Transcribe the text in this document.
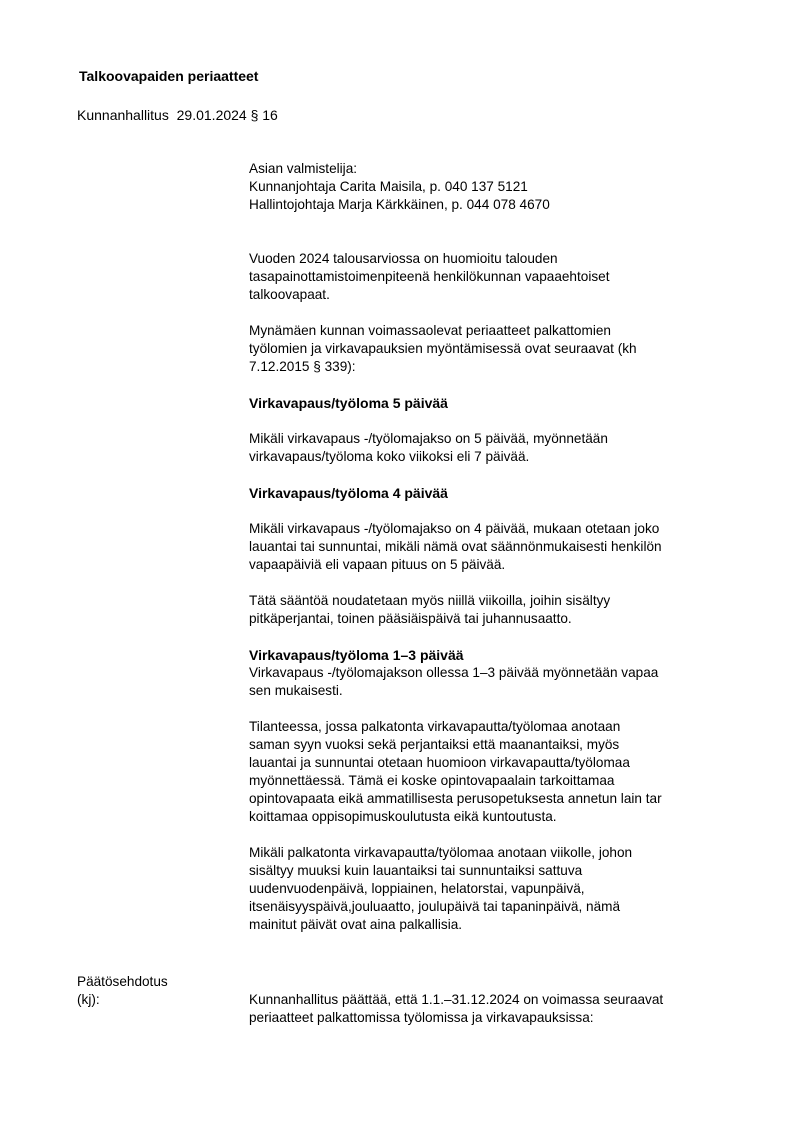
Talkoovapaiden periaatteet
Kunnanhallitus 29.01.2024 § 16
Asian valmistelija:
Kunnanjohtaja Carita Maisila, p. 040 137 5121
Hallintojohtaja Marja Kärkkäinen, p. 044 078 4670
Vuoden 2024 talousarviossa on huomioitu talouden
tasapainottamistoimenpiteenä henkilökunnan vapaaehtoiset
talkoovapaat.
Mynämäen kunnan voimassaolevat periaatteet palkattomien
työlomien ja virkavapauksien myöntämisessä ovat seuraavat (kh
7.12.2015 § 339):
Virkavapaus/työloma 5 päivää
Mikäli virkavapaus -/työlomajakso on 5 päivää, myönnetään
virkavapaus/työloma koko viikoksi eli 7 päivää.
Virkavapaus/työloma 4 päivää
Mikäli virkavapaus -/työlomajakso on 4 päivää, mukaan otetaan joko
lauantai tai sunnuntai, mikäli nämä ovat säännönmukaisesti henkilön
vapaapäiviä eli vapaan pituus on 5 päivää.
Tätä sääntöä noudatetaan myös niillä viikoilla, joihin sisältyy
pitkäperjantai, toinen pääsiäispäivä tai juhannusaatto.
Virkavapaus/työloma 1–3 päivää
Virkavapaus -/työlomajakson ollessa 1–3 päivää myönnetään vapaa
sen mukaisesti.
Tilanteessa, jossa palkatonta virkavapautta/työlomaa anotaan
saman syyn vuoksi sekä perjantaiksi että maanantaiksi, myös
lauantai ja sunnuntai otetaan huomioon virkavapautta/työlomaa
myönnettäessä. Tämä ei koske opintovapaalain tarkoittamaa
opintovapaata eikä ammatillisesta perusopetuksesta annetun lain tar
koittamaa oppisopimuskoulutusta eikä kuntoutusta.
Mikäli palkatonta virkavapautta/työlomaa anotaan viikolle, johon
sisältyy muuksi kuin lauantaiksi tai sunnuntaiksi sattuva
uudenvuodenpäivä, loppiainen, helatorstai, vapunpäivä,
itsenäisyyspäivä,jouluaatto, joulupäivä tai tapaninpäivä, nämä
mainitut päivät ovat aina palkallisia.
Päätösehdotus
(kj):	Kunnanhallitus päättää, että 1.1.–31.12.2024 on voimassa seuraavat
periaatteet palkattomissa työlomissa ja virkavapauksissa:
